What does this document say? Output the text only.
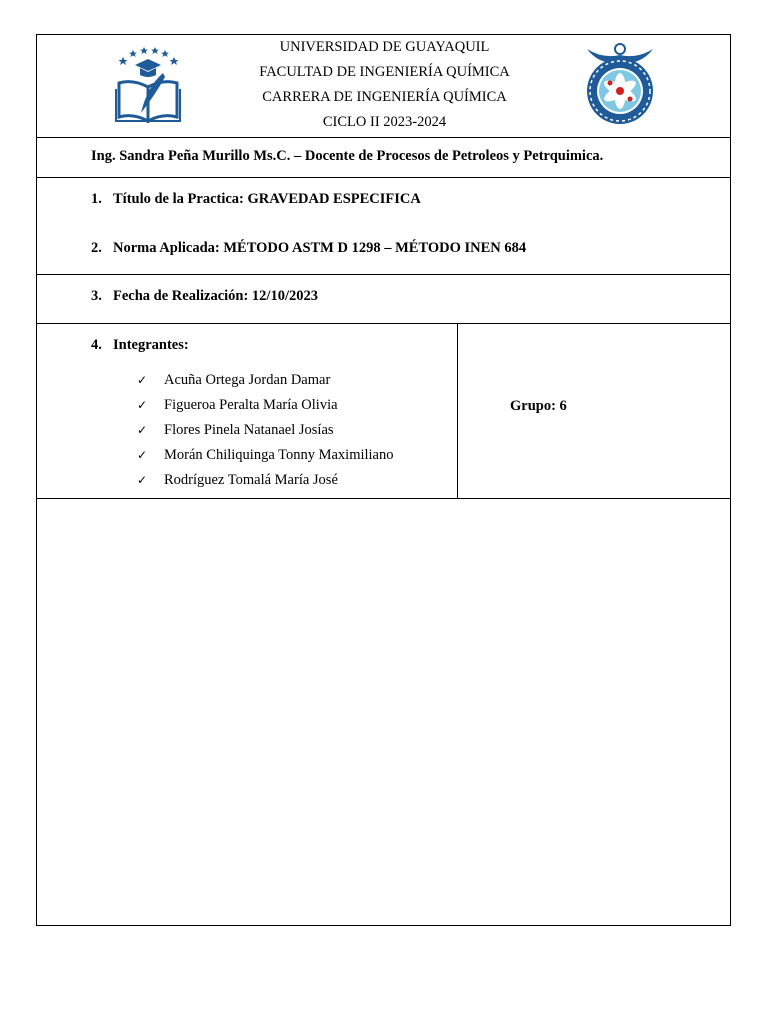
UNIVERSIDAD DE GUAYAQUIL
FACULTAD DE INGENIERÍA QUÍMICA
CARRERA DE INGENIERÍA QUÍMICA
CICLO II 2023-2024
Ing. Sandra Peña Murillo Ms.C. – Docente de Procesos de Petroleos y Petrquimica.
1. Título de la Practica: GRAVEDAD ESPECIFICA
2. Norma Aplicada: MÉTODO ASTM D 1298 – MÉTODO INEN 684
3. Fecha de Realización: 12/10/2023
4. Integrantes:
✓ Acuña Ortega Jordan Damar
✓ Figueroa Peralta María Olivia
✓ Flores Pinela Natanael Josías
✓ Morán Chiliquinga Tonny Maximiliano
✓ Rodríguez Tomalá María José
Grupo: 6
